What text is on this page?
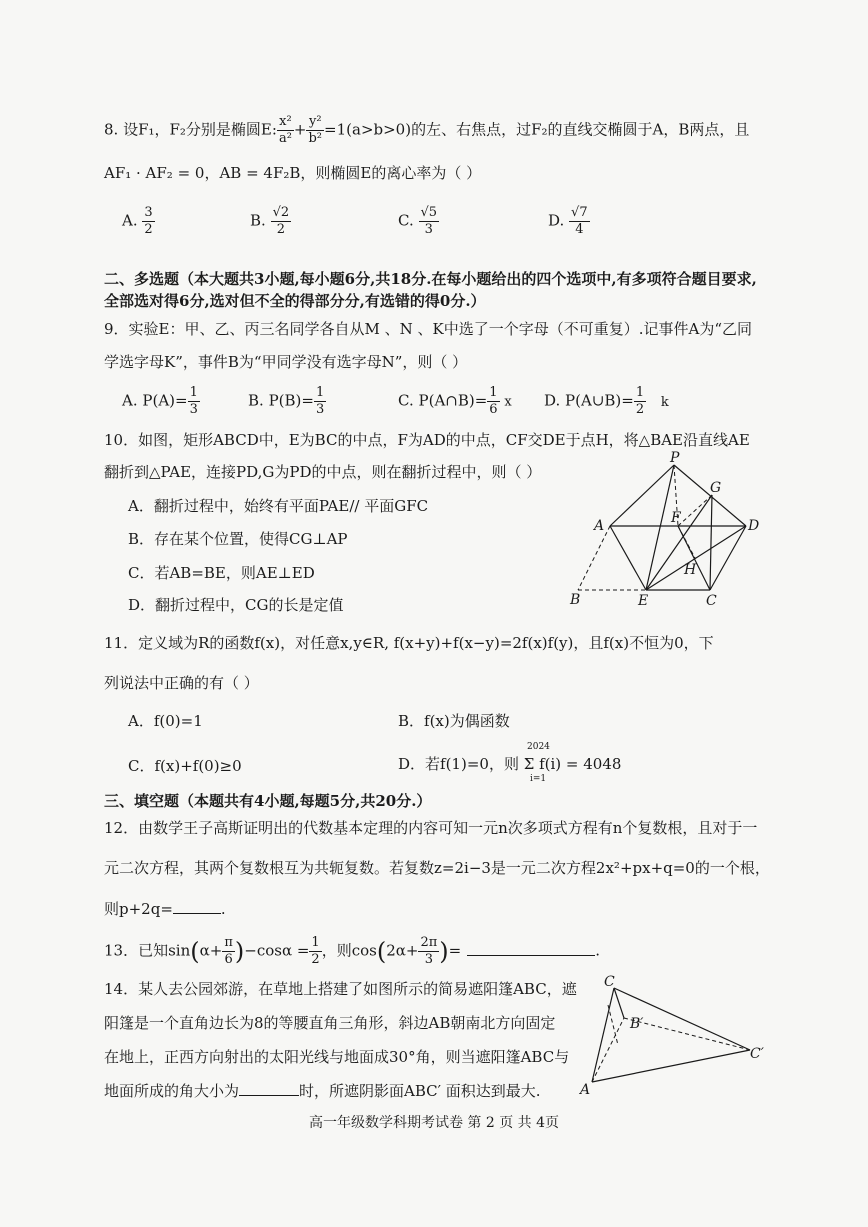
8. 设F₁，F₂分别是椭圆E: $\frac{\text{x²}}{\text{a²}} + \frac{\text{y²}}{\text{b²}} =1(a>b>0)$的左、右焦点，过F₂的直线交椭圆于A，B两点，且
AF₁ · AF₂ = 0，AB = 4F₂B，则椭圆E的离心率为（ ）
A. $\frac{3}{2}$	B. $\frac{√2}{2}$	C. $\frac{√5}{3}$	D. $\frac{√7}{4}$
二、多选题（本大题共3小题,每小题6分,共18分.在每小题给出的四个选项中,有多项符合题目要求,
全部选对得6分,选对但不全的得部分分,有选错的得0分.）
9．实验E：甲、乙、丙三名同学各自从M 、N 、K中选了一个字母（不可重复）.记事件A为“乙同
学选字母K”，事件B为“甲同学没有选字母N”，则（ ）
A. $P(A)= \frac{1}{3}$	B. $P(B)= \frac{1}{3}$	C. P(A∩B)= $\frac{1}{6}$ x D. P(A∪B)= $\frac{1}{2}$ k
10．如图，矩形ABCD中，E为BC的中点，F为AD的中点，CF交DE于点H，将△BAE沿直线AE
翻折到△PAE，连接PD,G为PD的中点，则在翻折过程中，则（ ）
A．翻折过程中，始终有平面PAE// 平面GFC
B．存在某个位置，使得CG⊥AP
C．若AB=BE，则AE⊥ED
D．翻折过程中，CG的长是定值
P
G
A	F	D
H
B	E	C
11．定义域为R的函数f(x)，对任意x,y∈R, f(x+y)+f(x−y)=2f(x)f(y)，且f(x)不恒为0，下
列说法中正确的有（ ）
A．f(0)=1	B．f(x)为偶函数
C．f(x)+f(0)≥0	D．若f(1)=0，则 Σ f(i) = 4048
2024
i=1
三、填空题（本题共有4小题,每题5分,共20分.）
12．由数学王子高斯证明出的代数基本定理的内容可知一元n次多项式方程有n个复数根，且对于一
元二次方程，其两个复数根互为共轭复数。若复数z=2i−3是一元二次方程2x²+px+q=0的一个根，
则p+2q=	.
13．已知$\sin(\alpha+ \frac{\pi}{6} )-\cos\alpha = \frac{1}{2}$ ，则$\cos(2\alpha+ \frac{2\pi}{3}$ )=	.
14．某人去公园郊游，在草地上搭建了如图所示的简易遮阳篷ABC，遮
阳篷是一个直角边长为8的等腰直角三角形，斜边AB朝南北方向固定
在地上，正西方向射出的太阳光线与地面成30°角，则当遮阳篷ABC与
地面所成的角大小为	时，所遮阴影面ABC′ 面积达到最大.
C
B′
C′
A
高一年级数学科期考试卷 第 2 页 共 4页
